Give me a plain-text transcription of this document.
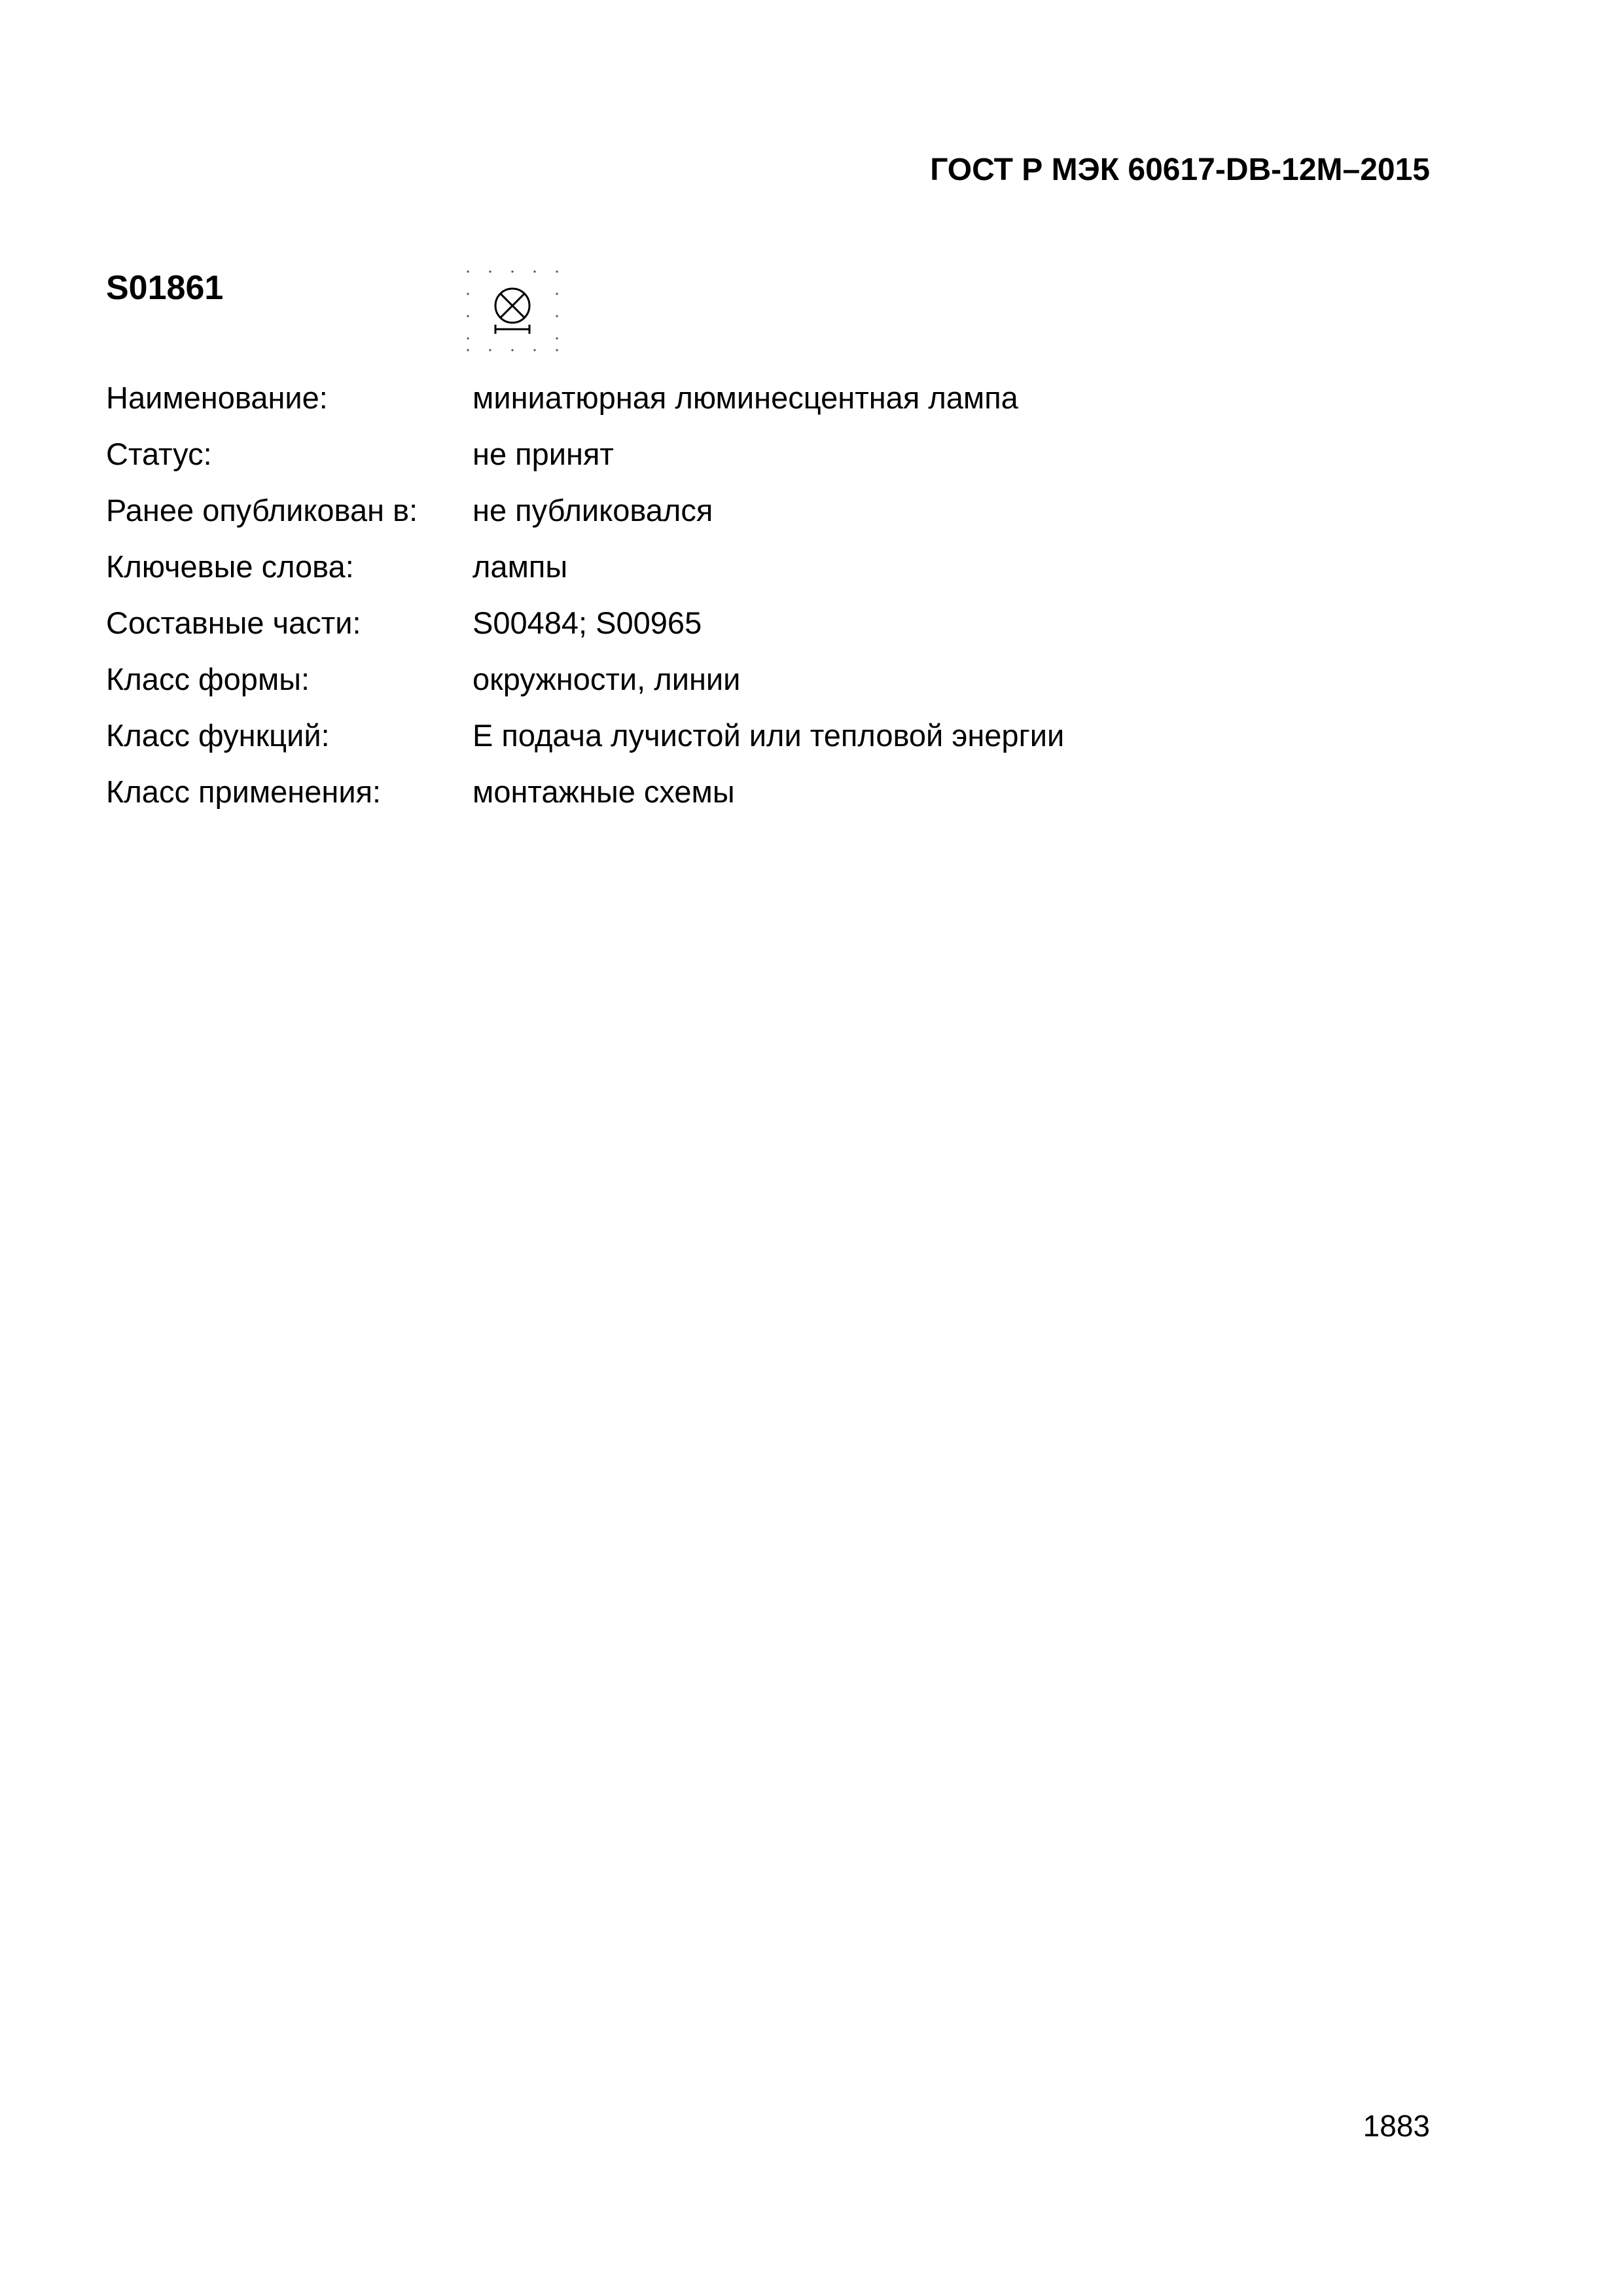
ГОСТ Р МЭК 60617-DB-12M–2015
S01861
Наименование:	миниатюрная люминесцентная лампа
Статус:	не принят
Ранее опубликован в:	не публиковался
Ключевые слова:	лампы
Составные части:	S00484; S00965
Класс формы:	окружности, линии
Класс функций:	Е подача лучистой или тепловой энергии
Класс применения:	монтажные схемы
1883
